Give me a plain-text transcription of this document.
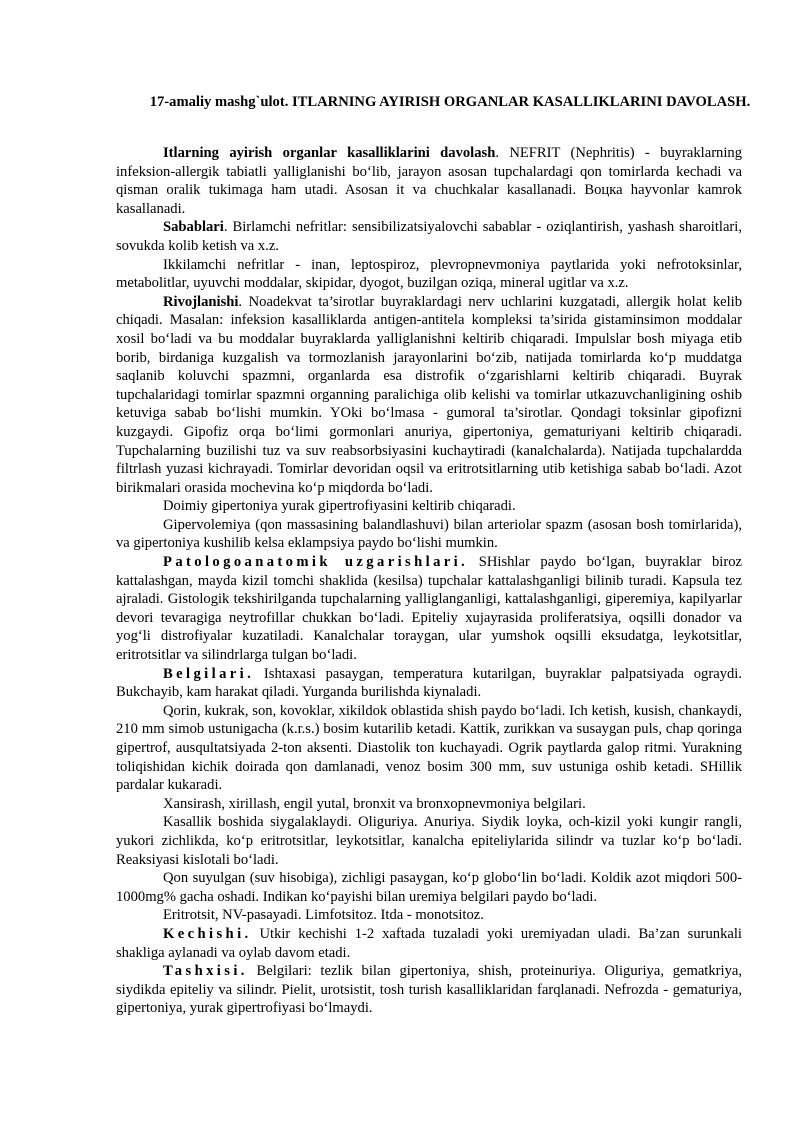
17-amaliy mashg`ulot. ITLARNING AYIRISH ORGANLAR KASALLIKLARINI DAVOLASH.

Itlarning ayirish organlar kasalliklarini davolash. NEFRIT (Nephritis) - buyraklarning infeksion-allergik tabiatli yalliglanishi bo‘lib, jarayon asosan tupchalardagi qon tomirlarda kechadi va qisman oralik tukimaga ham utadi. Asosan it va chuchkalar kasallanadi. Воцка hayvonlar kamrok kasallanadi.

Sabablari. Birlamchi nefritlar: sensibilizatsiyalovchi sabablar - oziqlantirish, yashash sharoitlari, sovukda kolib ketish va x.z.

Ikkilamchi nefritlar - inan, leptospiroz, plevropnevmoniya paytlarida yoki nefrotoksinlar, metabolitlar, uyuvchi moddalar, skipidar, dyogot, buzilgan oziqa, mineral ugitlar va x.z.

Rivojlanishi. Noadekvat ta’sirotlar buyraklardagi nerv uchlarini kuzgatadi, allergik holat kelib chiqadi. Masalan: infeksion kasalliklarda antigen-antitela kompleksi ta’sirida gistaminsimon moddalar xosil bo‘ladi va bu moddalar buyraklarda yalliglanishni keltirib chiqaradi. Impulslar bosh miyaga etib borib, birdaniga kuzgalish va tormozlanish jarayonlarini bo‘zib, natijada tomirlarda ko‘p muddatga saqlanib koluvchi spazmni, organlarda esa distrofik o‘zgarishlarni keltirib chiqaradi. Buyrak tupchalaridagi tomirlar spazmni organning paralichiga olib kelishi va tomirlar utkazuvchanligining oshib ketuviga sabab bo‘lishi mumkin. YOki bo‘lmasa - gumoral ta’sirotlar. Qondagi toksinlar gipofizni kuzgaydi. Gipofiz orqa bo‘limi gormonlari anuriya, gipertoniya, gematuriyani keltirib chiqaradi. Tupchalarning buzilishi tuz va suv reabsorbsiyasini kuchaytiradi (kanalchalarda). Natijada tupchalardda filtrlash yuzasi kichrayadi. Tomirlar devoridan oqsil va eritrotsitlarning utib ketishiga sabab bo‘ladi. Azot birikmalari orasida mochevina ko‘p miqdorda bo‘ladi.

Doimiy gipertoniya yurak gipertrofiyasini keltirib chiqaradi.

Gipervolemiya (qon massasining balandlashuvi) bilan arteriolar spazm (asosan bosh tomirlarida), va gipertoniya kushilib kelsa eklampsiya paydo bo‘lishi mumkin.

Patologoanatomik uzgarishlari. SHishlar paydo bo‘lgan, buyraklar biroz kattalashgan, mayda kizil tomchi shaklida (kesilsa) tupchalar kattalashganligi bilinib turadi. Kapsula tez ajraladi. Gistologik tekshirilganda tupchalarning yalliglanganligi, kattalashganligi, giperemiya, kapilyarlar devori tevaragiga neytrofillar chukkan bo‘ladi. Epiteliy xujayrasida proliferatsiya, oqsilli donador va yog‘li distrofiyalar kuzatiladi. Kanalchalar toraygan, ular yumshok oqsilli eksudatga, leykotsitlar, eritrotsitlar va silindrlarga tulgan bo‘ladi.

Belgilari. Ishtaxasi pasaygan, temperatura kutarilgan, buyraklar palpatsiyada ograydi. Bukchayib, kam harakat qiladi. Yurganda burilishda kiynaladi.

Qorin, kukrak, son, kovoklar, xikildok oblastida shish paydo bo‘ladi. Ich ketish, kusish, chankaydi, 210 mm simob ustunigacha (k.r.s.) bosim kutarilib ketadi. Kattik, zurikkan va susaygan puls, chap qoringa gipertrof, ausqultatsiyada 2-ton aksenti. Diastolik ton kuchayadi. Ogrik paytlarda galop ritmi. Yurakning toliqishidan kichik doirada qon damlanadi, venoz bosim 300 mm, suv ustuniga oshib ketadi. SHillik pardalar kukaradi.

Xansirash, xirillash, engil yutal, bronxit va bronxopnevmoniya belgilari.

Kasallik boshida siygalaklaydi. Oliguriya. Anuriya. Siydik loyka, och-kizil yoki kungir rangli, yukori zichlikda, ko‘p eritrotsitlar, leykotsitlar, kanalcha epiteliylarida silindr va tuzlar ko‘p bo‘ladi. Reaksiyasi kislotali bo‘ladi.

Qon suyulgan (suv hisobiga), zichligi pasaygan, ko‘p globo‘lin bo‘ladi. Koldik azot miqdori 500-1000mg% gacha oshadi. Indikan ko‘payishi bilan uremiya belgilari paydo bo‘ladi.

Eritrotsit, NV-pasayadi. Limfotsitoz. Itda - monotsitoz.

Kechishi. Utkir kechishi 1-2 xaftada tuzaladi yoki uremiyadan uladi. Ba’zan surunkali shakliga aylanadi va oylab davom etadi.

Tashxisi. Belgilari: tezlik bilan gipertoniya, shish, proteinuriya. Oliguriya, gematkriya, siydikda epiteliy va silindr. Pielit, urotsistit, tosh turish kasalliklaridan farqlanadi. Nefrozda - gematuriya, gipertoniya, yurak gipertrofiyasi bo‘lmaydi.
